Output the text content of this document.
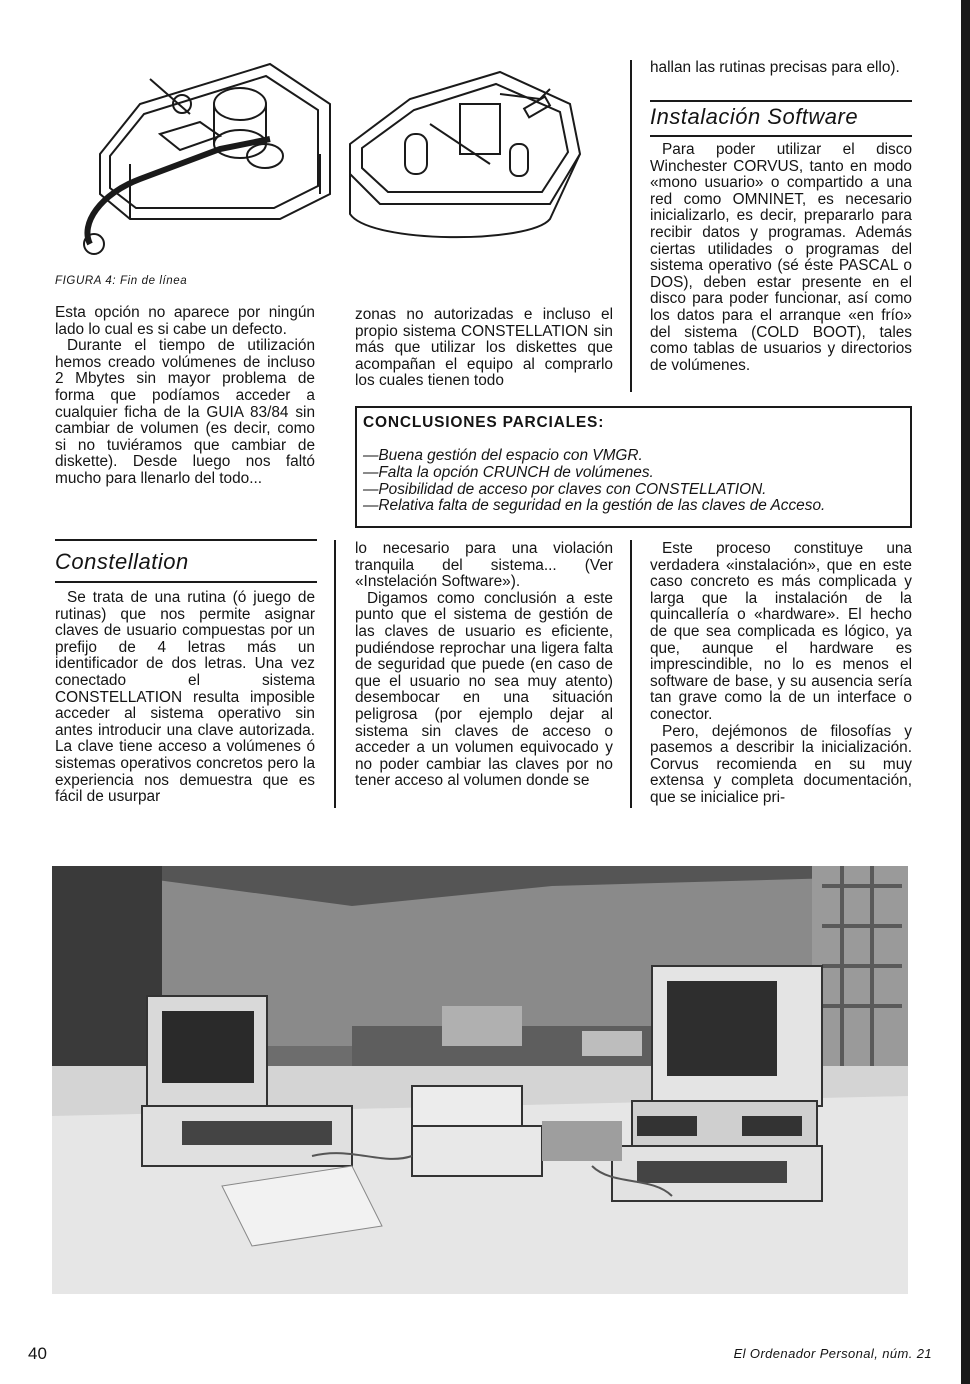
FIGURA 4: Fin de línea

Esta opción no aparece por ningún lado lo cual es si cabe un defecto.

Durante el tiempo de utilización hemos creado volúmenes de incluso 2 Mbytes sin mayor problema de forma que podíamos acceder a cualquier ficha de la GUIA 83/84 sin cambiar de volumen (es decir, como si no tuviéramos que cambiar de diskette). Desde luego nos faltó mucho para llenarlo del todo...

zonas no autorizadas e incluso el propio sistema CONSTELLATION sin más que utilizar los diskettes que acompañan el equipo al comprarlo los cuales tienen todo

hallan las rutinas precisas para ello).

Instalación Software

Para poder utilizar el disco Winchester CORVUS, tanto en modo «mono usuario» o compartido a una red como OMNINET, es necesario inicializarlo, es decir, prepararlo para recibir datos y programas. Además ciertas utilidades o programas del sistema operativo (sé éste PASCAL o DOS), deben estar presente en el disco para poder funcionar, así como los datos para el arranque «en frío» del sistema (COLD BOOT), tales como tablas de usuarios y directorios de volúmenes.

CONCLUSIONES PARCIALES:
—Buena gestión del espacio con VMGR.
—Falta la opción CRUNCH de volúmenes.
—Posibilidad de acceso por claves con CONSTELLATION.
—Relativa falta de seguridad en la gestión de las claves de Acceso.
Constellation

Se trata de una rutina (ó juego de rutinas) que nos permite asignar claves de usuario compuestas por un prefijo de 4 letras más un identificador de dos letras. Una vez conectado el sistema CONSTELLATION resulta imposible acceder al sistema operativo sin antes introducir una clave autorizada. La clave tiene acceso a volúmenes ó sistemas operativos concretos pero la experiencia nos demuestra que es fácil de usurpar

lo necesario para una violación tranquila del sistema... (Ver «Instelación Software»).

Digamos como conclusión a este punto que el sistema de gestión de las claves de usuario es eficiente, pudiéndose reprochar una ligera falta de seguridad que puede (en caso de que el usuario no sea muy atento) desembocar en una situación peligrosa (por ejemplo dejar al sistema sin claves de acceso o acceder a un volumen equivocado y no poder cambiar las claves por no tener acceso al volumen donde se

Este proceso constituye una verdadera «instalación», que en este caso concreto es más complicada y larga que la instalación de la quincallería o «hardware». El hecho de que sea complicada es lógico, ya que, aunque el hardware es imprescindible, no lo es menos el software de base, y su ausencia sería tan grave como la de un interface o conector.

Pero, dejémonos de filosofías y pasemos a describir la inicialización. Corvus recomienda en su muy extensa y completa documentación, que se inicialice pri-

40	El Ordenador Personal, núm. 21
